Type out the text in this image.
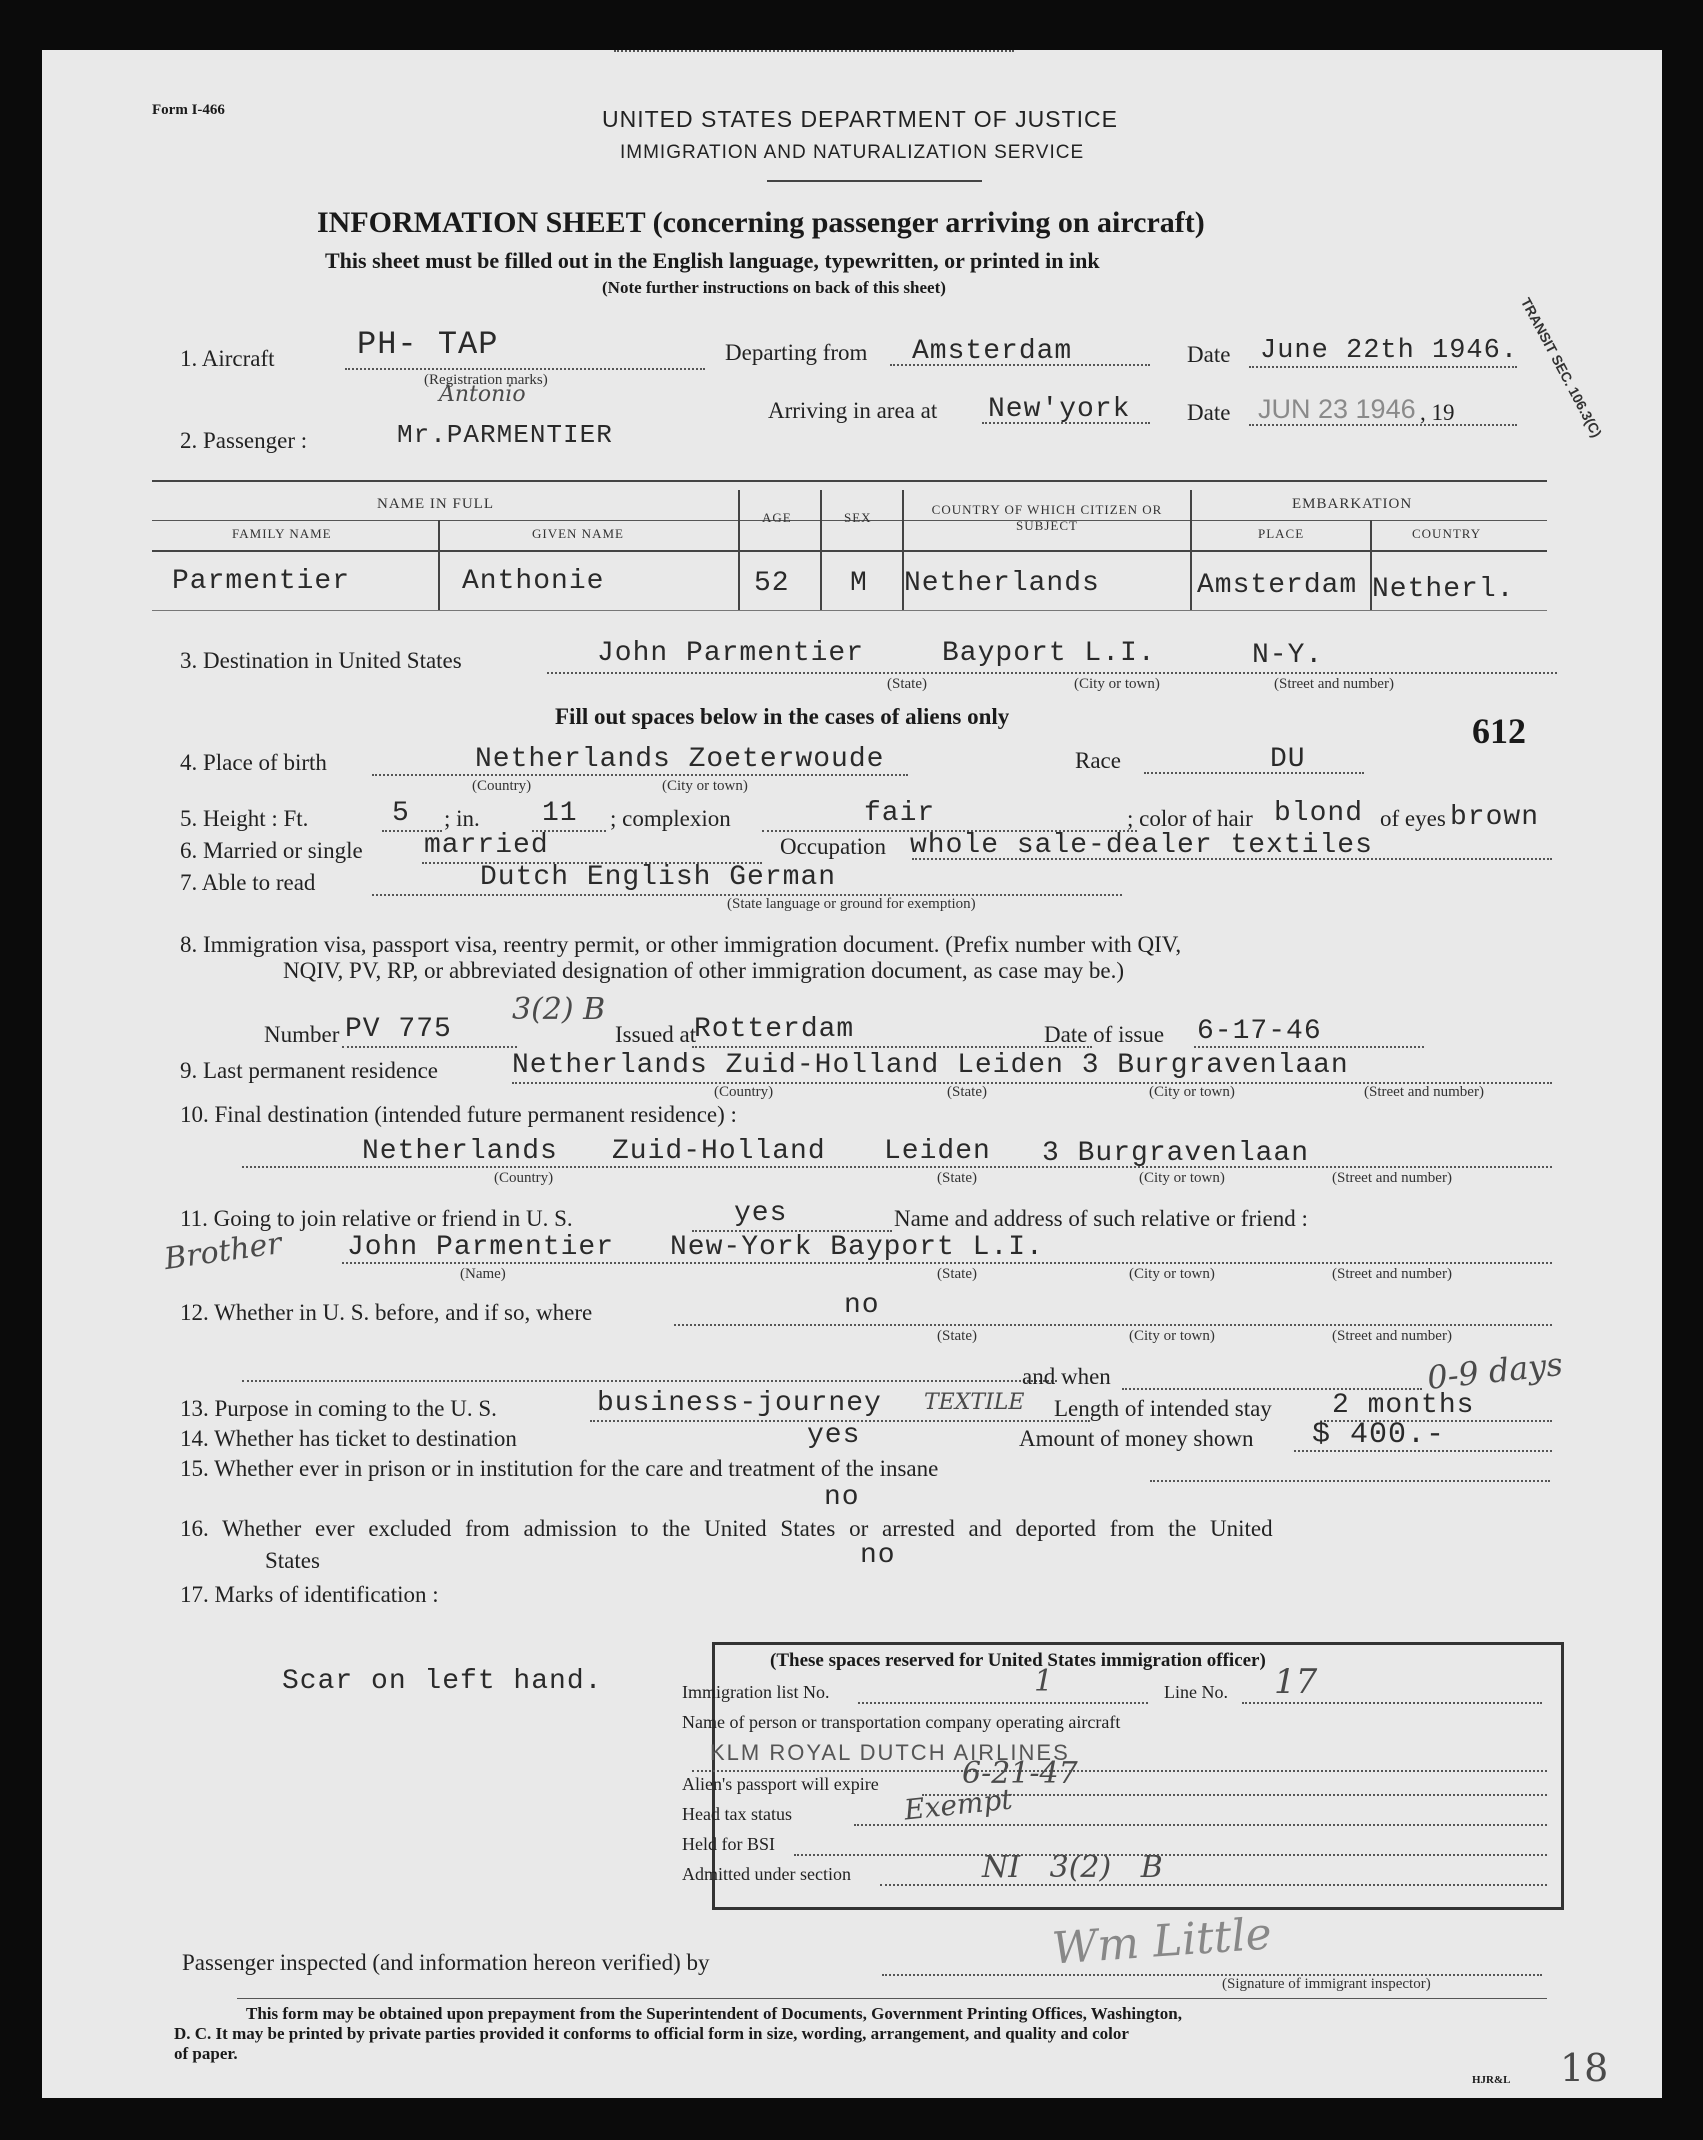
Form I-466	UNITED STATES DEPARTMENT OF JUSTICE
IMMIGRATION AND NATURALIZATION SERVICE
INFORMATION SHEET (concerning passenger arriving on aircraft)
This sheet must be filled out in the English language, typewritten, or printed in ink
(Note further instructions on back of this sheet)
TRANSIT SEC. 106.3(C)
1. Aircraft	PH- TAP
(Registration marks)
Departing from Amsterdam	Date June 22th 1946.
Antonio
Arriving in area at New'york Date JUN 23 1946 , 19
2. Passenger :	Mr.PARMENTIER
NAME IN FULL
FAMILY NAME	GIVEN NAME
AGE	SEX
COUNTRY OF WHICH CITIZEN OR SUBJECT
EMBARKATION
PLACE	COUNTRY
Parmentier	Anthonie	52 M Netherlands	Amsterdam Netherl.
3. Destination in United States	John Parmentier	Bayport L.I.	N-Y.
(State)	(City or town)	(Street and number)
Fill out spaces below in the cases of aliens only	612
4. Place of birth	Netherlands Zoeterwoude
(Country)	(City or town)
Race	DU
5. Height : Ft.	5 ; in. 11 ; complexion	fair	; color of hair blond of eyes brown
6. Married or single married	Occupation whole sale-dealer textiles
7. Able to read	Dutch English German
(State language or ground for exemption)
8. Immigration visa, passport visa, reentry permit, or other immigration document. (Prefix number with QIV,
NQIV, PV, RP, or abbreviated designation of other immigration document, as case may be.)
Number PV 775
3(2) B
Issued at
Rotterdam	Date of issue 6-17-46
9. Last permanent residence	Netherlands Zuid-Holland Leiden 3 Burgravenlaan
(Country)	(State)	(City or town)	(Street and number)
10. Final destination (intended future permanent residence) :
Netherlands Zuid-Holland Leiden 3 Burgravenlaan
(Country)	(State)	(City or town)	(Street and number)
11. Going to join relative or friend in U. S.	yes	Name and address of such relative or friend :
Brother John Parmentier New-York Bayport L.I.
(Name)	(State)	(City or town)	(Street and number)
12. Whether in U. S. before, and if so, where	no
(State)	(City or town)	(Street and number)
and when	0-9 days
13. Purpose in coming to the U. S.	business-journey TEXTILE Length of intended stay 2 months
14. Whether has ticket to destination	yes	Amount of money shown $ 400.-
15. Whether ever in prison or in institution for the care and treatment of the insane
no
16. Whether ever excluded from admission to the United States or arrested and deported from the United
States	no
17. Marks of identification :
Scar on left hand.
(These spaces reserved for United States immigration officer)
Immigration list No.	1	Line No. 17
Name of person or transportation company operating aircraft
KLM ROYAL DUTCH AIRLINES
Alien's passport will expire	6-21-47
Head tax status	Exempt
Held for BSI
Admitted under section	NI 3(2) B
Passenger inspected (and information hereon verified) by	Wm Little
(Signature of immigrant inspector)
This form may be obtained upon prepayment from the Superintendent of Documents, Government Printing Offices, Washington,
D. C. It may be printed by private parties provided it conforms to official form in size, wording, arrangement, and quality and color
of paper.
HJR&L 18
